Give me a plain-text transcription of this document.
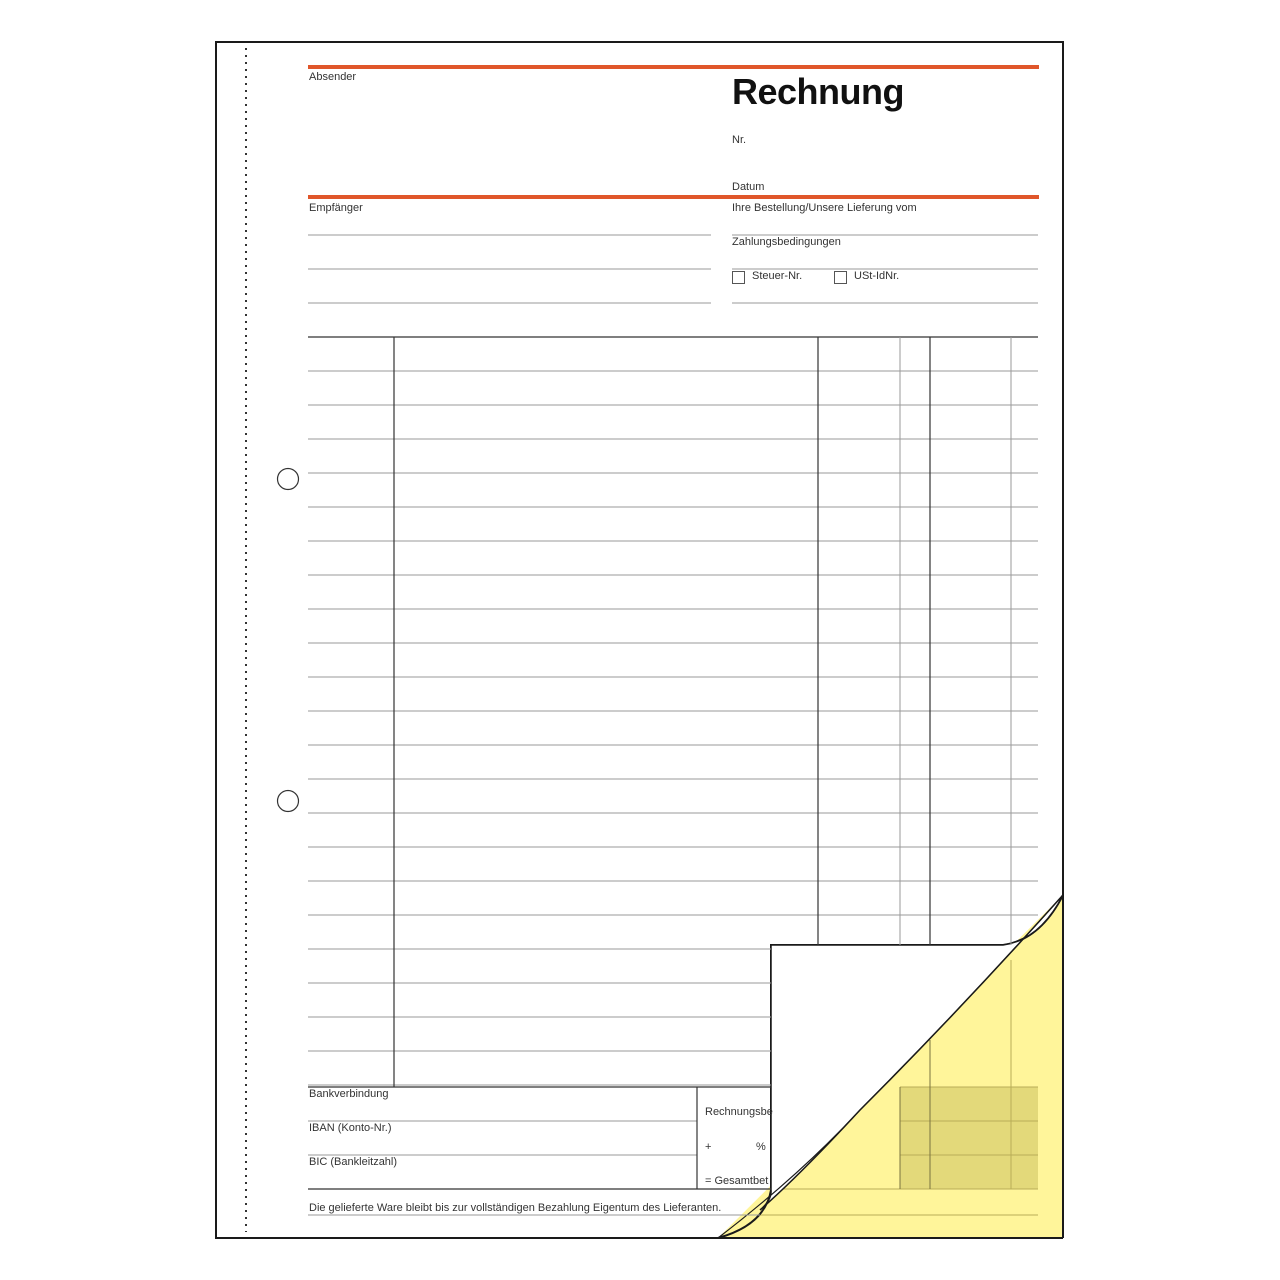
Absender	Rechnung
Nr.
Datum
Empfänger	Ihre Bestellung/Unsere Lieferung vom
Zahlungsbedingungen
Steuer-Nr.	USt-IdNr.
Bankverbindung
IBAN (Konto-Nr.)
BIC (Bankleitzahl)
Rechnungsbe
+	%
= Gesamtbet
Die gelieferte Ware bleibt bis zur vollständigen Bezahlung Eigentum des Lieferanten.
